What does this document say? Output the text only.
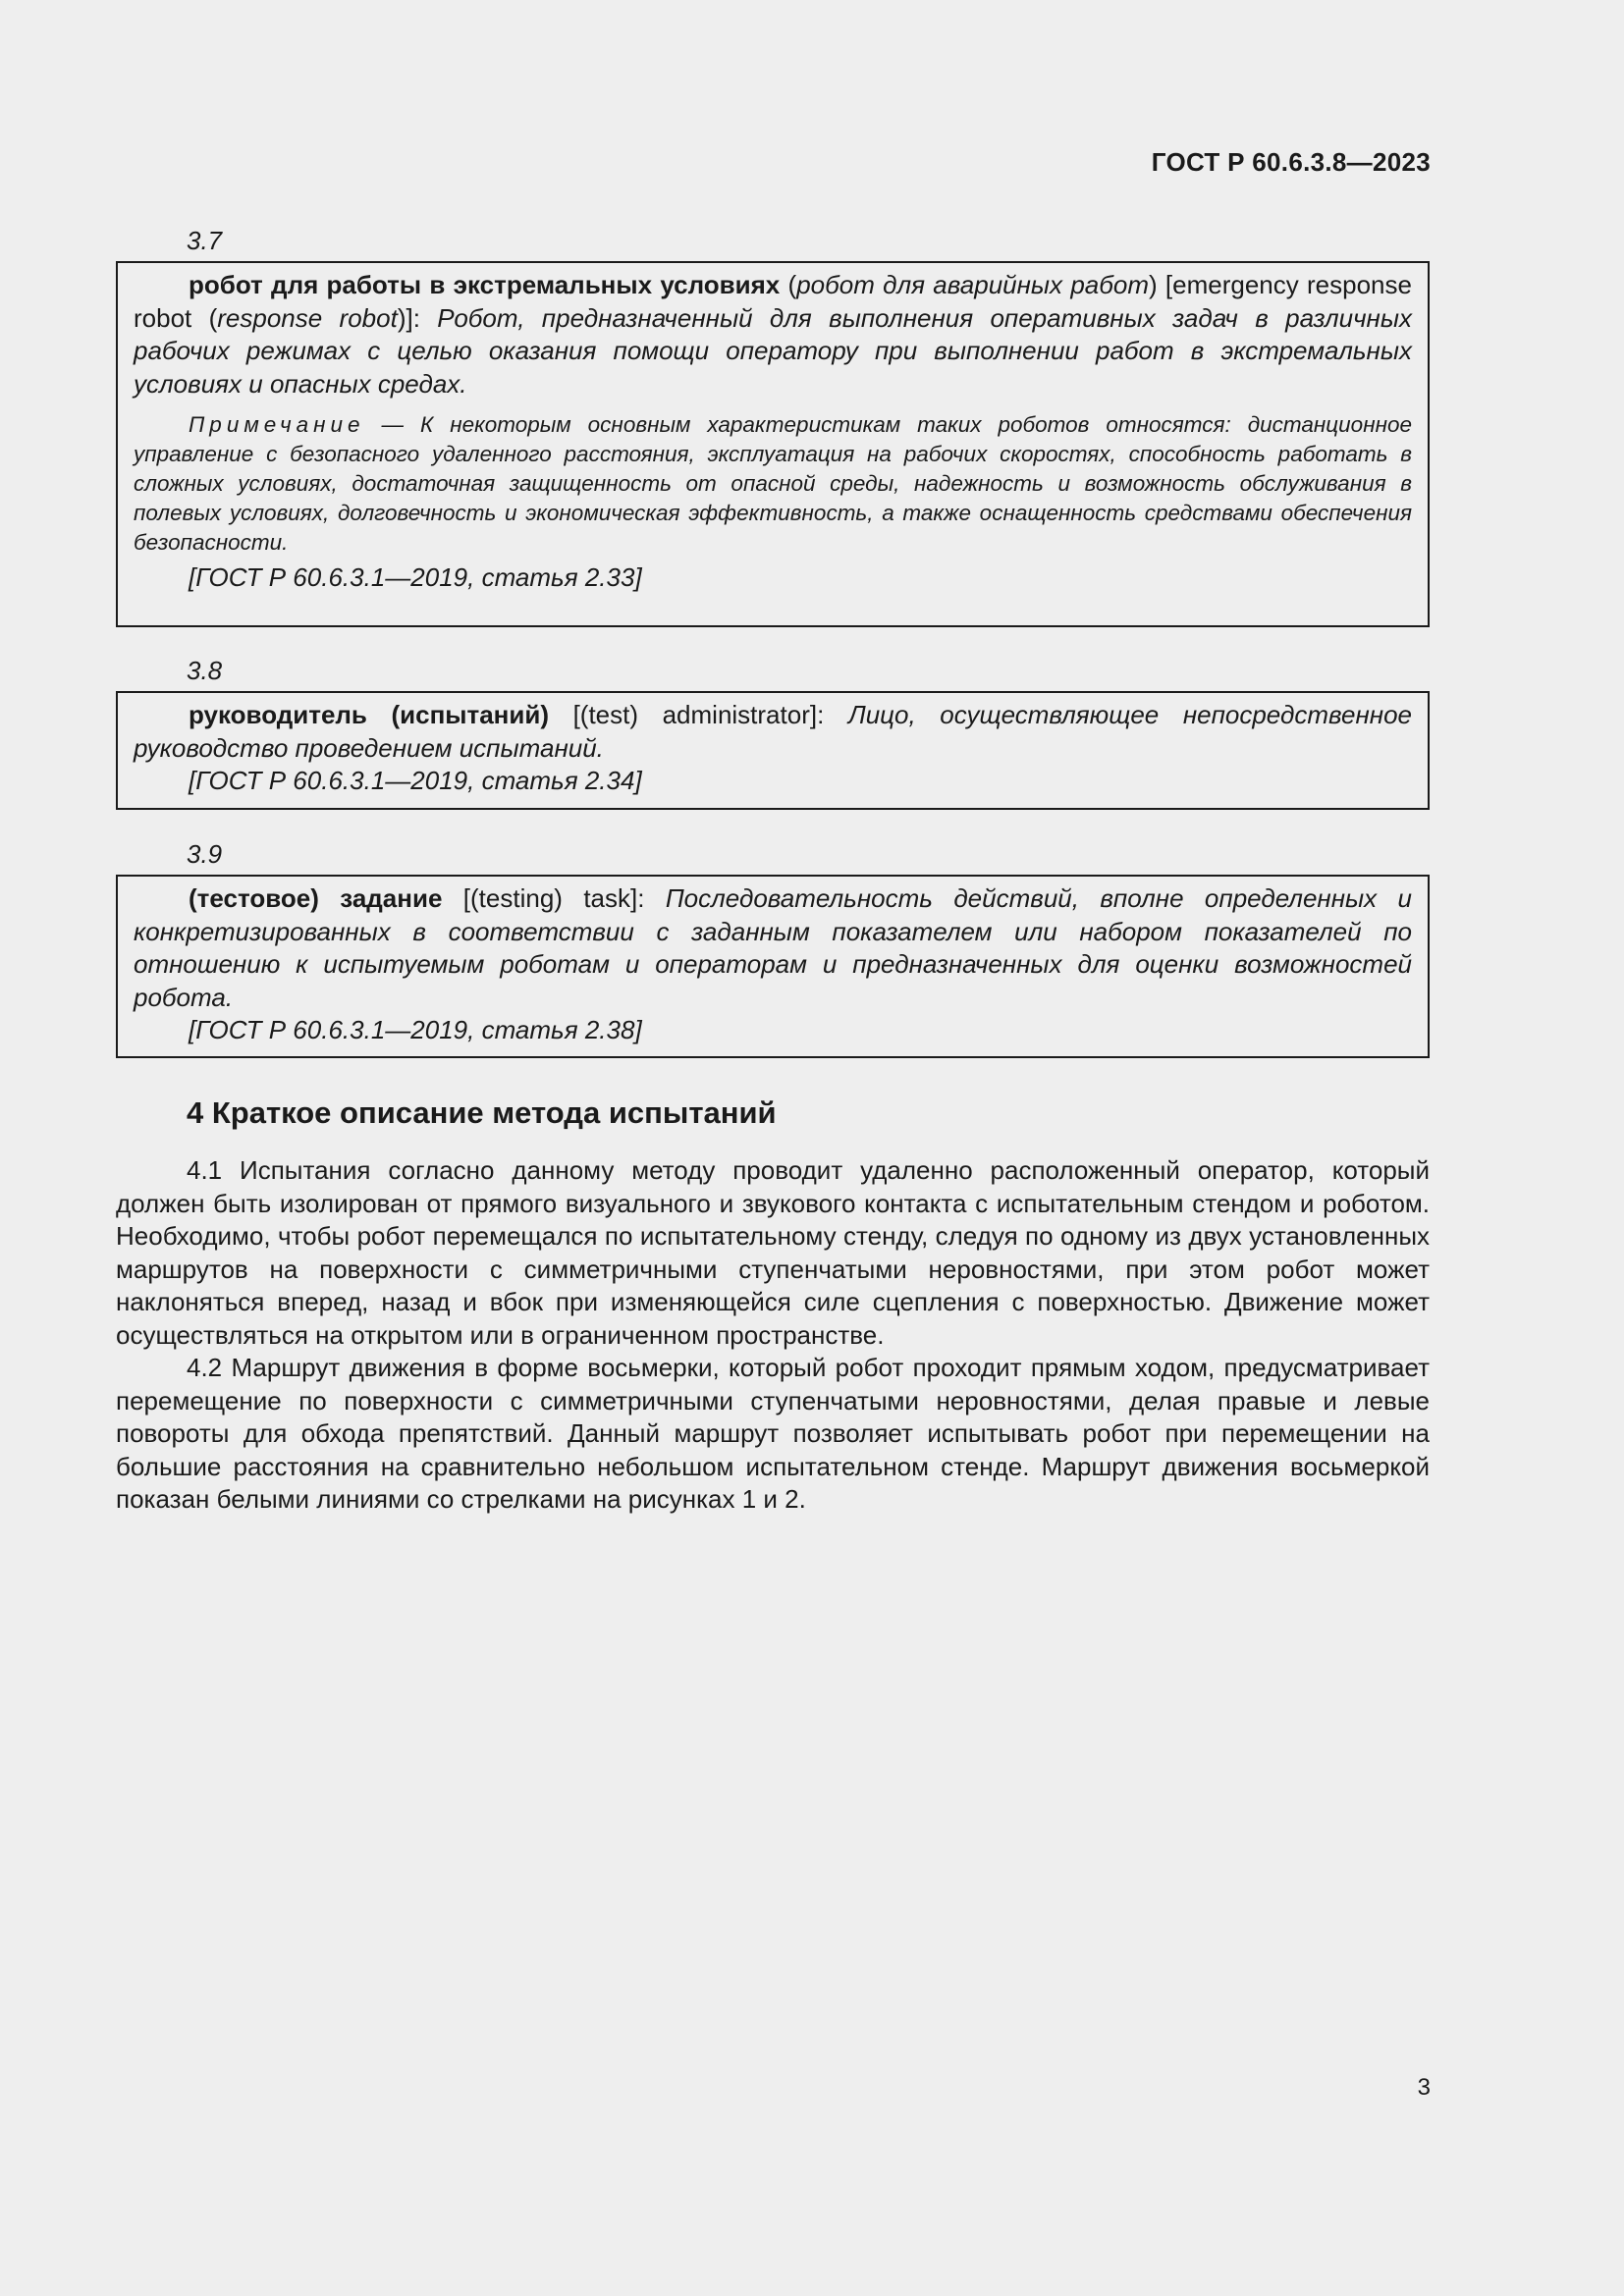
ГОСТ Р 60.6.3.8—2023
3.7

робот для работы в экстремальных условиях (робот для аварийных работ) [emergency response robot (response robot)]: Робот, предназначенный для выполнения оперативных задач в различных рабочих режимах с целью оказания помощи оператору при выполнении работ в экстремальных условиях и опасных средах.

Примечание — К некоторым основным характеристикам таких роботов относятся: дистанционное управление с безопасного удаленного расстояния, эксплуатация на рабочих скоростях, способность работать в сложных условиях, достаточная защищенность от опасной среды, надежность и возможность обслуживания в полевых условиях, долговечность и экономическая эффективность, а также оснащенность средствами обеспечения безопасности.

[ГОСТ Р 60.6.3.1—2019, статья 2.33]

3.8

руководитель (испытаний) [(test) administrator]: Лицо, осуществляющее непосредственное руководство проведением испытаний.

[ГОСТ Р 60.6.3.1—2019, статья 2.34]

3.9

(тестовое) задание [(testing) task]: Последовательность действий, вполне определенных и конкретизированных в соответствии с заданным показателем или набором показателей по отношению к испытуемым роботам и операторам и предназначенных для оценки возможностей робота.

[ГОСТ Р 60.6.3.1—2019, статья 2.38]

4 Краткое описание метода испытаний

4.1 Испытания согласно данному методу проводит удаленно расположенный оператор, который должен быть изолирован от прямого визуального и звукового контакта с испытательным стендом и роботом. Необходимо, чтобы робот перемещался по испытательному стенду, следуя по одному из двух установленных маршрутов на поверхности с симметричными ступенчатыми неровностями, при этом робот может наклоняться вперед, назад и вбок при изменяющейся силе сцепления с поверхностью. Движение может осуществляться на открытом или в ограниченном пространстве.

4.2 Маршрут движения в форме восьмерки, который робот проходит прямым ходом, предусматривает перемещение по поверхности с симметричными ступенчатыми неровностями, делая правые и левые повороты для обхода препятствий. Данный маршрут позволяет испытывать робот при перемещении на большие расстояния на сравнительно небольшом испытательном стенде. Маршрут движения восьмеркой показан белыми линиями со стрелками на рисунках 1 и 2.

3
